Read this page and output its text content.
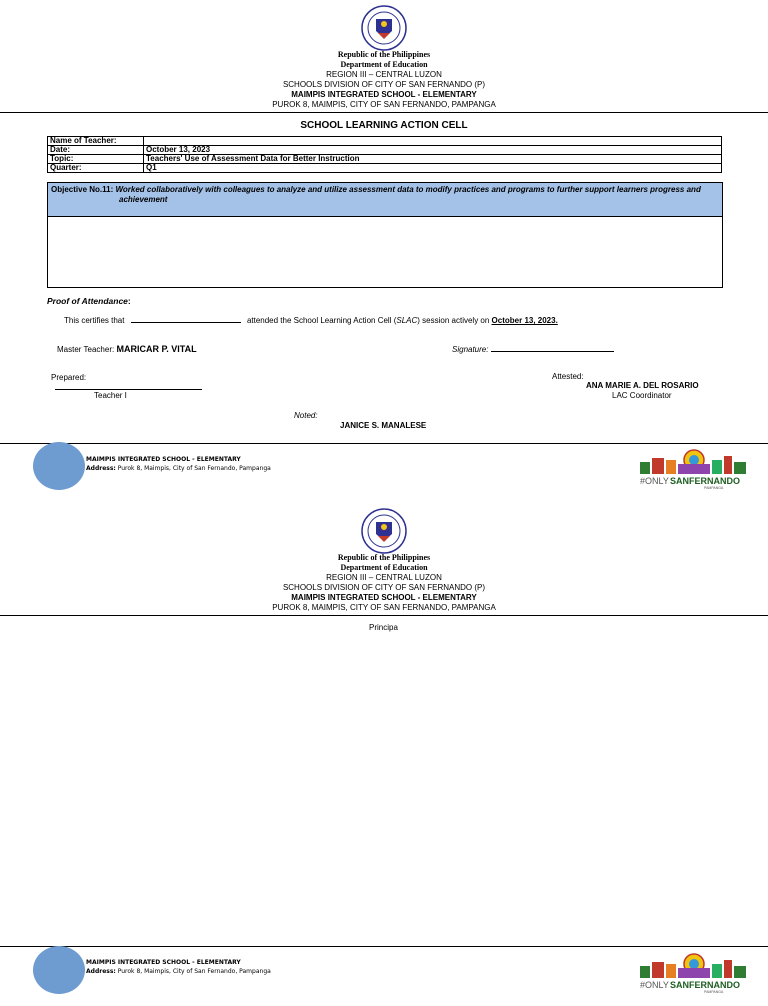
Republic of the Philippines
Department of Education
REGION III – CENTRAL LUZON
SCHOOLS DIVISION OF CITY OF SAN FERNANDO (P)
MAIMPIS INTEGRATED SCHOOL - ELEMENTARY
PUROK 8, MAIMPIS, CITY OF SAN FERNANDO, PAMPANGA
SCHOOL LEARNING ACTION CELL
Name of Teacher:	
Date:	October 13, 2023
Topic:	Teachers' Use of Assessment Data for Better Instruction
Quarter:	Q1
Objective No.11: Worked collaboratively with colleagues to analyze and utilize assessment data to modify practices and programs to further support learners progress and
achievement
Proof of Attendance:
This certifies that	attended the School Learning Action Cell (SLAC) session actively on October 13, 2023.
Master Teacher: MARICAR P. VITAL	Signature:
Prepared:
Teacher I
Attested:
ANA MARIE A. DEL ROSARIO
LAC Coordinator
Noted:
JANICE S. MANALESE
MAIMPIS INTEGRATED SCHOOL - ELEMENTARY
Address: Purok 8, Maimpis, City of San Fernando, Pampanga
#ONLY SANFERNANDO
PAMPANGA
Republic of the Philippines
Department of Education
REGION III – CENTRAL LUZON
SCHOOLS DIVISION OF CITY OF SAN FERNANDO (P)
MAIMPIS INTEGRATED SCHOOL - ELEMENTARY
PUROK 8, MAIMPIS, CITY OF SAN FERNANDO, PAMPANGA
Principa
MAIMPIS INTEGRATED SCHOOL - ELEMENTARY
Address: Purok 8, Maimpis, City of San Fernando, Pampanga
#ONLY SANFERNANDO
PAMPANGA
